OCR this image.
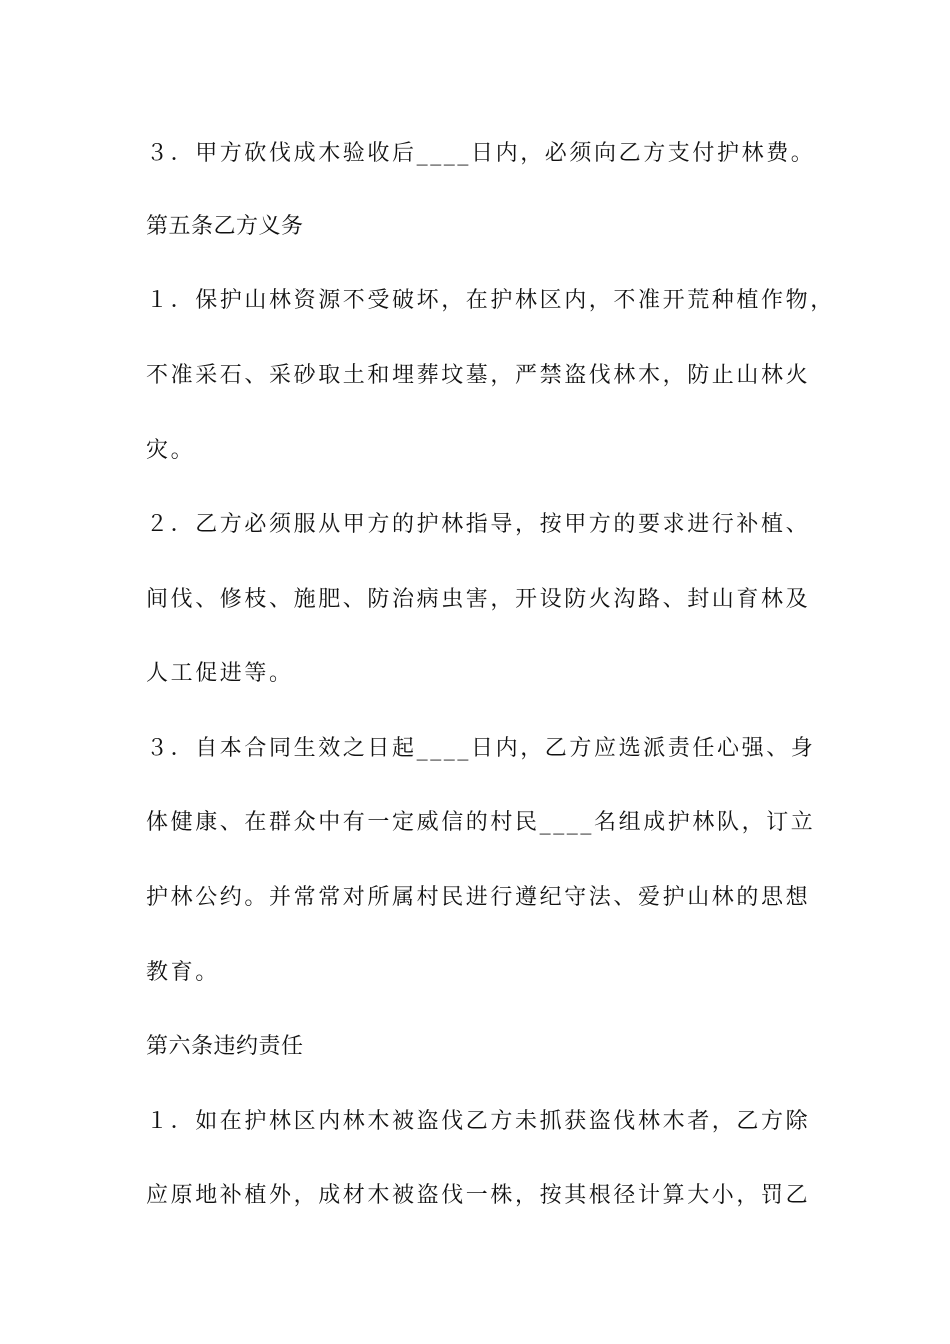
３．甲方砍伐成木验收后____日内，必须向乙方支付护林费。
第五条乙方义务
１．保护山林资源不受破坏，在护林区内，不准开荒种植作物，
不准采石、采砂取土和埋葬坟墓，严禁盗伐林木，防止山林火
灾。
２．乙方必须服从甲方的护林指导，按甲方的要求进行补植、
间伐、修枝、施肥、防治病虫害，开设防火沟路、封山育林及
人工促进等。
３．自本合同生效之日起____日内，乙方应选派责任心强、身
体健康、在群众中有一定威信的村民____名组成护林队，订立
护林公约。并常常对所属村民进行遵纪守法、爱护山林的思想
教育。
第六条违约责任
１．如在护林区内林木被盗伐乙方未抓获盗伐林木者，乙方除
应原地补植外，成材木被盗伐一株，按其根径计算大小，罚乙
